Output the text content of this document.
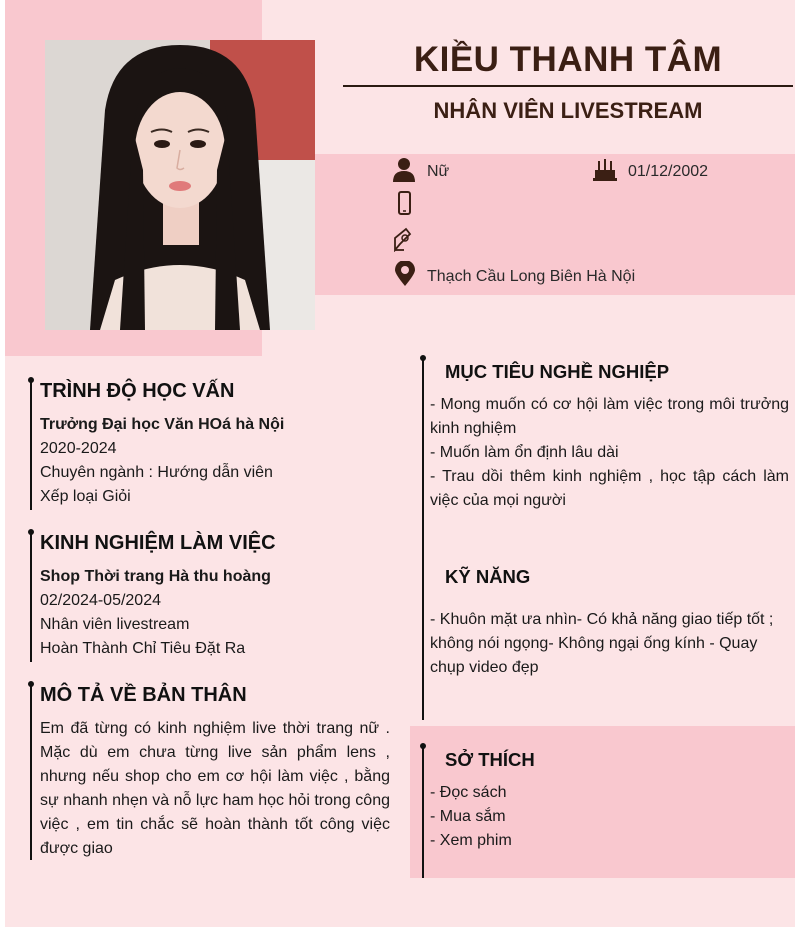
KIỀU THANH TÂM
NHÂN VIÊN LIVESTREAM
Nữ	01/12/2002
Thạch Cầu Long Biên Hà Nội
TRÌNH ĐỘ HỌC VẤN
Trưởng Đại học Văn HOá hà Nội
2020-2024
Chuyên ngành : Hướng dẫn viên
Xếp loại Giỏi
KINH NGHIỆM LÀM VIỆC
Shop Thời trang Hà thu hoàng
02/2024-05/2024
Nhân viên livestream
Hoàn Thành Chỉ Tiêu Đặt Ra
MÔ TẢ VỀ BẢN THÂN
Em đã từng có kinh nghiệm live thời trang nữ . Mặc dù em chưa từng live sản phẩm lens , nhưng nếu shop cho em cơ hội làm việc , bằng sự nhanh nhẹn và nỗ lực ham học hỏi trong công việc , em tin chắc sẽ hoàn thành tốt công việc được giao
MỤC TIÊU NGHỀ NGHIỆP
- Mong muốn có cơ hội làm việc trong môi trưởng kinh nghiệm
- Muốn làm ổn định lâu dài
- Trau dồi thêm kinh nghiệm , học tập cách làm việc của mọi người
KỸ NĂNG
- Khuôn mặt ưa nhìn- Có khả năng giao tiếp tốt ; không nói ngọng- Không ngại ống kính - Quay chụp video đẹp
SỞ THÍCH
- Đọc sách
- Mua sắm
- Xem phim
